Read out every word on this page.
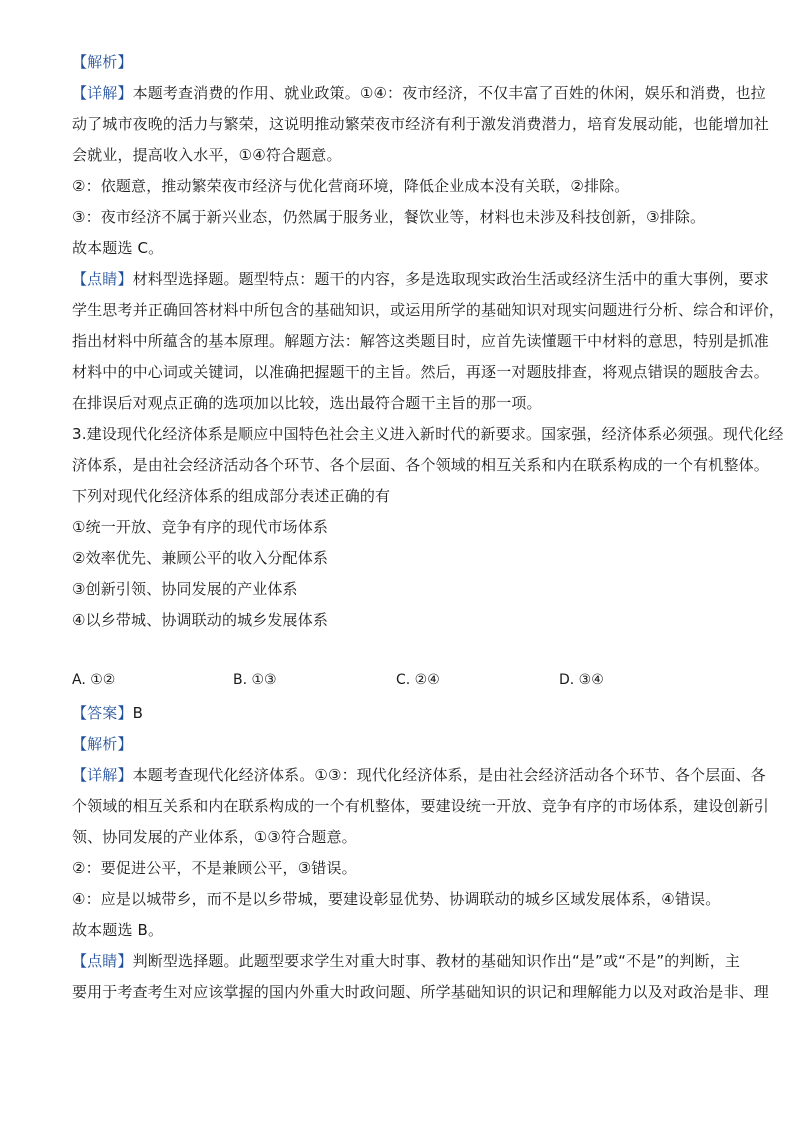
【解析】
【详解】本题考查消费的作用、就业政策。①④：夜市经济，不仅丰富了百姓的休闲，娱乐和消费，也拉
动了城市夜晚的活力与繁荣，这说明推动繁荣夜市经济有利于激发消费潜力，培育发展动能，也能增加社
会就业，提高收入水平，①④符合题意。
②：依题意，推动繁荣夜市经济与优化营商环境，降低企业成本没有关联，②排除。
③：夜市经济不属于新兴业态，仍然属于服务业，餐饮业等，材料也未涉及科技创新，③排除。
故本题选 C。
【点睛】材料型选择题。题型特点：题干的内容，多是选取现实政治生活或经济生活中的重大事例，要求
学生思考并正确回答材料中所包含的基础知识，或运用所学的基础知识对现实问题进行分析、综合和评价，
指出材料中所蕴含的基本原理。解题方法：解答这类题目时，应首先读懂题干中材料的意思，特别是抓准
材料中的中心词或关键词，以准确把握题干的主旨。然后，再逐一对题肢排查，将观点错误的题肢舍去。
在排误后对观点正确的选项加以比较，选出最符合题干主旨的那一项。
3.建设现代化经济体系是顺应中国特色社会主义进入新时代的新要求。国家强，经济体系必须强。现代化经
济体系，是由社会经济活动各个环节、各个层面、各个领域的相互关系和内在联系构成的一个有机整体。
下列对现代化经济体系的组成部分表述正确的有
①统一开放、竞争有序的现代市场体系
②效率优先、兼顾公平的收入分配体系
③创新引领、协同发展的产业体系
④以乡带城、协调联动的城乡发展体系
A. ①②	B. ①③	C. ②④	D. ③④
【答案】B
【解析】
【详解】本题考查现代化经济体系。①③：现代化经济体系，是由社会经济活动各个环节、各个层面、各
个领域的相互关系和内在联系构成的一个有机整体，要建设统一开放、竞争有序的市场体系，建设创新引
领、协同发展的产业体系，①③符合题意。
②：要促进公平，不是兼顾公平，③错误。
④：应是以城带乡，而不是以乡带城，要建设彰显优势、协调联动的城乡区域发展体系，④错误。
故本题选 B。
【点睛】判断型选择题。此题型要求学生对重大时事、教材的基础知识作出“是”或“不是”的判断，主
要用于考查考生对应该掌握的国内外重大时政问题、所学基础知识的识记和理解能力以及对政治是非、理
